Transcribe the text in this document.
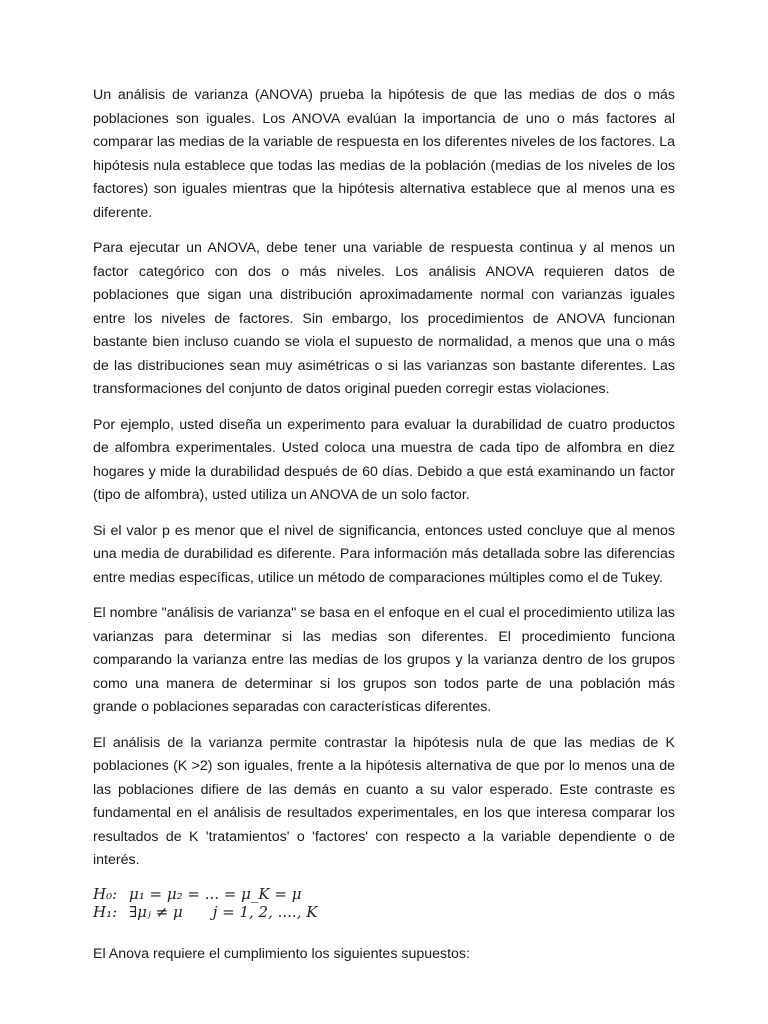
Un análisis de varianza (ANOVA) prueba la hipótesis de que las medias de dos o más poblaciones son iguales. Los ANOVA evalúan la importancia de uno o más factores al comparar las medias de la variable de respuesta en los diferentes niveles de los factores. La hipótesis nula establece que todas las medias de la población (medias de los niveles de los factores) son iguales mientras que la hipótesis alternativa establece que al menos una es diferente.

Para ejecutar un ANOVA, debe tener una variable de respuesta continua y al menos un factor categórico con dos o más niveles. Los análisis ANOVA requieren datos de poblaciones que sigan una distribución aproximadamente normal con varianzas iguales entre los niveles de factores. Sin embargo, los procedimientos de ANOVA funcionan bastante bien incluso cuando se viola el supuesto de normalidad, a menos que una o más de las distribuciones sean muy asimétricas o si las varianzas son bastante diferentes. Las transformaciones del conjunto de datos original pueden corregir estas violaciones.

Por ejemplo, usted diseña un experimento para evaluar la durabilidad de cuatro productos de alfombra experimentales. Usted coloca una muestra de cada tipo de alfombra en diez hogares y mide la durabilidad después de 60 días. Debido a que está examinando un factor (tipo de alfombra), usted utiliza un ANOVA de un solo factor.

Si el valor p es menor que el nivel de significancia, entonces usted concluye que al menos una media de durabilidad es diferente. Para información más detallada sobre las diferencias entre medias específicas, utilice un método de comparaciones múltiples como el de Tukey.

El nombre "análisis de varianza" se basa en el enfoque en el cual el procedimiento utiliza las varianzas para determinar si las medias son diferentes. El procedimiento funciona comparando la varianza entre las medias de los grupos y la varianza dentro de los grupos como una manera de determinar si los grupos son todos parte de una población más grande o poblaciones separadas con características diferentes.

El análisis de la varianza permite contrastar la hipótesis nula de que las medias de K poblaciones (K >2) son iguales, frente a la hipótesis alternativa de que por lo menos una de las poblaciones difiere de las demás en cuanto a su valor esperado. Este contraste es fundamental en el análisis de resultados experimentales, en los que interesa comparar los resultados de K 'tratamientos' o 'factores' con respecto a la variable dependiente o de interés.

H₀: μ₁ = μ₂ = ... = μ_K = μ
H₁: ∃μⱼ ≠ μ j = 1, 2, ...., K

El Anova requiere el cumplimiento los siguientes supuestos:
